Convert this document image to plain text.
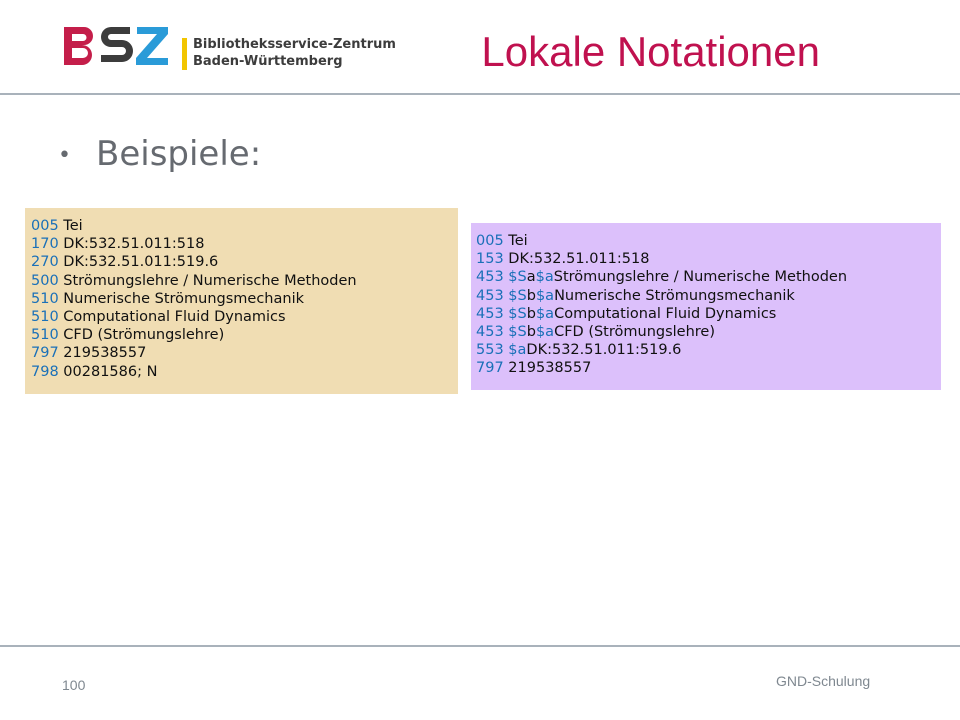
Bibliotheksservice-Zentrum
Baden-Württemberg	Lokale Notationen
• Beispiele:
005 Tei
170 DK:532.51.011:518
270 DK:532.51.011:519.6
500 Strömungslehre / Numerische Methoden
510 Numerische Strömungsmechanik
510 Computational Fluid Dynamics
510 CFD (Strömungslehre)
797 219538557
798 00281586; N
005 Tei
153 DK:532.51.011:518
453 $Sa$aStrömungslehre / Numerische Methoden
453 $Sb$aNumerische Strömungsmechanik
453 $Sb$aComputational Fluid Dynamics
453 $Sb$aCFD (Strömungslehre)
553 $aDK:532.51.011:519.6
797 219538557
100	GND-Schulung
